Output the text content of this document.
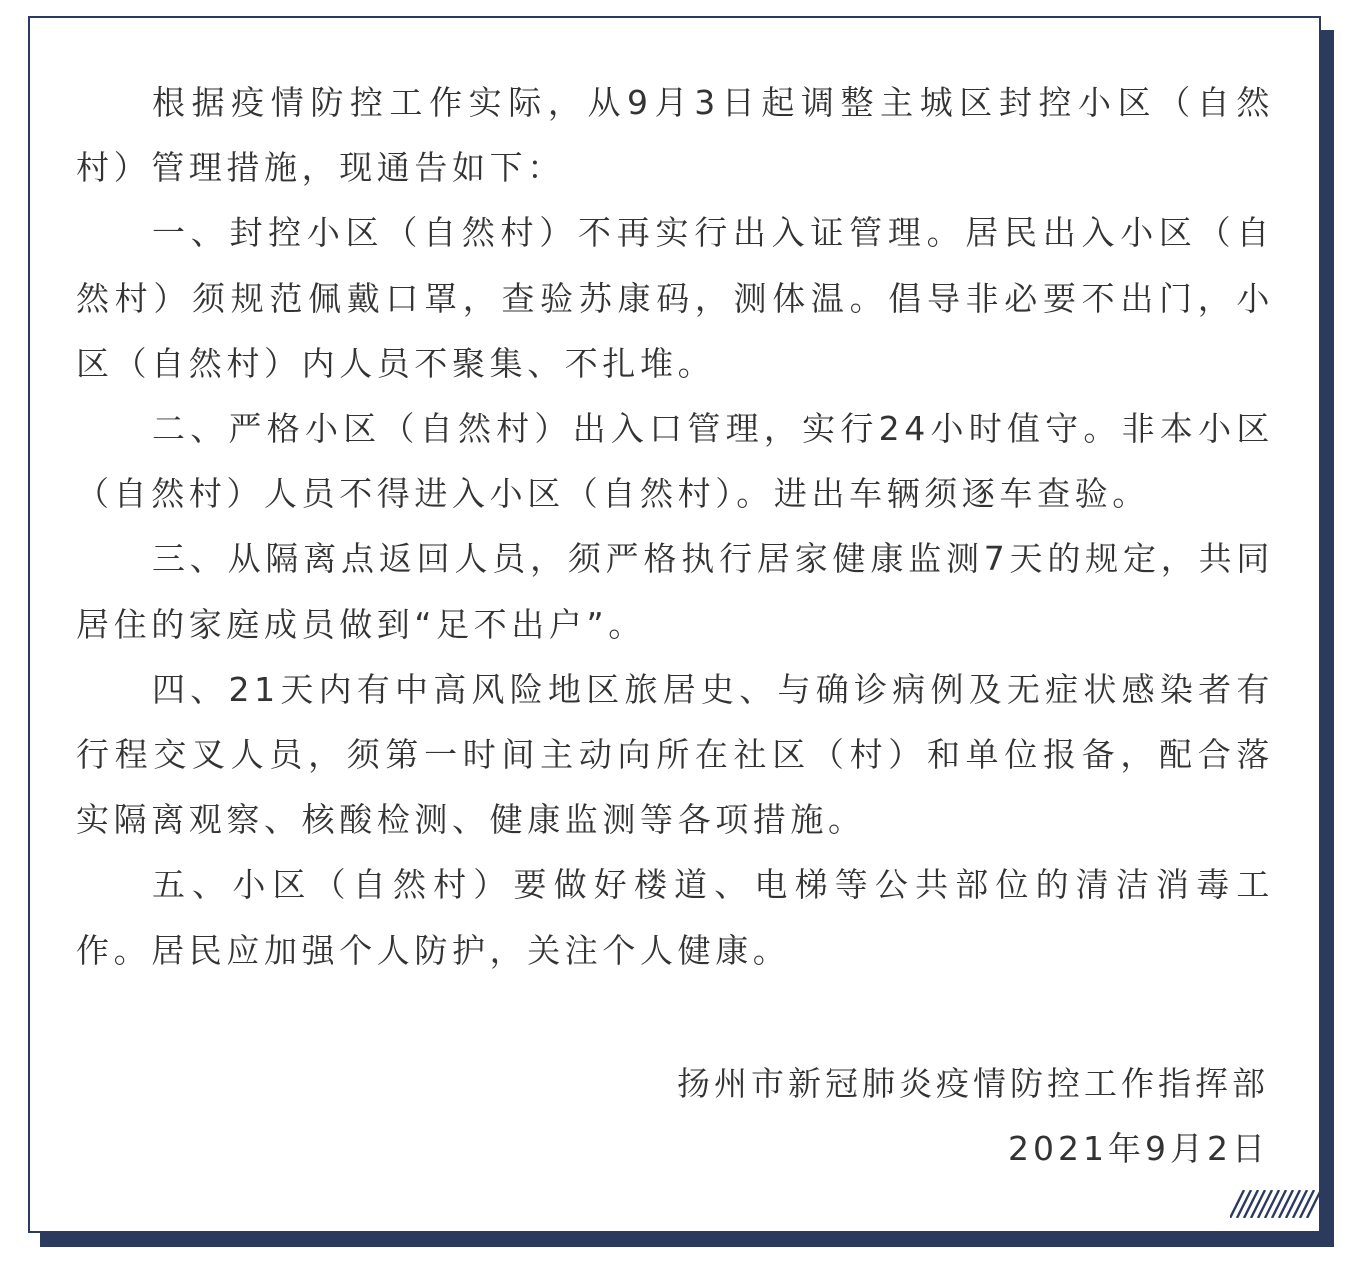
根据疫情防控工作实际，从9月3日起调整主城区封控小区（自然村）管理措施，现通告如下：

一、封控小区（自然村）不再实行出入证管理。居民出入小区（自然村）须规范佩戴口罩，查验苏康码，测体温。倡导非必要不出门，小区（自然村）内人员不聚集、不扎堆。

二、严格小区（自然村）出入口管理，实行24小时值守。非本小区（自然村）人员不得进入小区（自然村）。进出车辆须逐车查验。

三、从隔离点返回人员，须严格执行居家健康监测7天的规定，共同居住的家庭成员做到“足不出户”。

四、21天内有中高风险地区旅居史、与确诊病例及无症状感染者有行程交叉人员，须第一时间主动向所在社区（村）和单位报备，配合落实隔离观察、核酸检测、健康监测等各项措施。

五、小区（自然村）要做好楼道、电梯等公共部位的清洁消毒工作。居民应加强个人防护，关注个人健康。

扬州市新冠肺炎疫情防控工作指挥部
2021年9月2日
